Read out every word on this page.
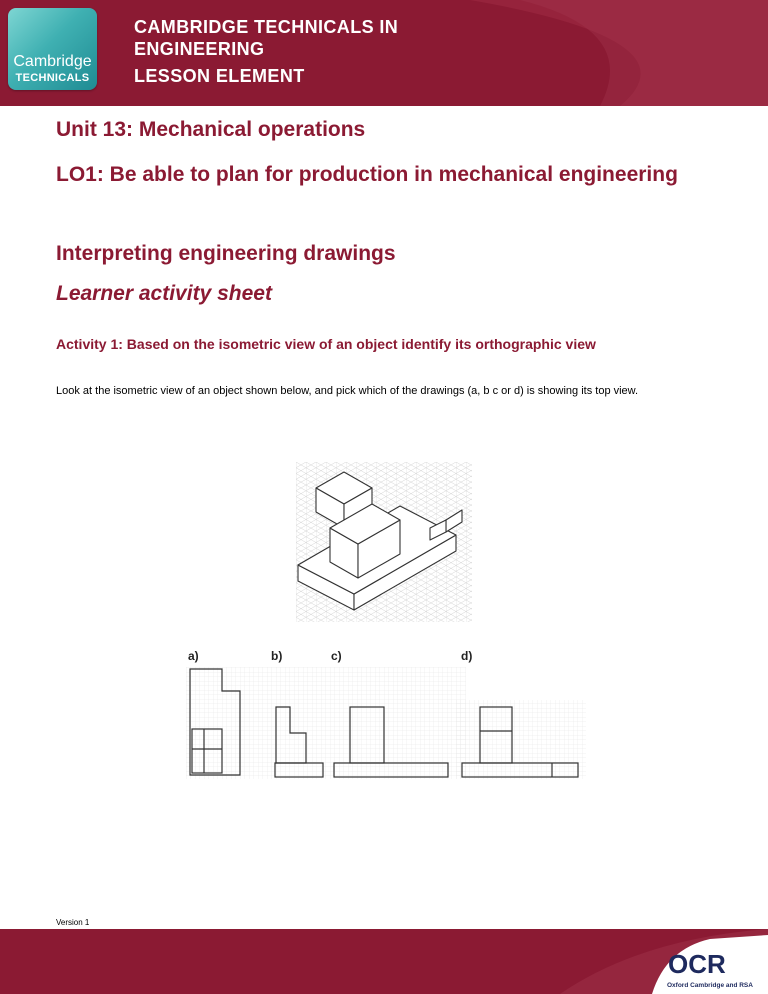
Cambridge
TECHNICALS
CAMBRIDGE TECHNICALS IN ENGINEERING
LESSON ELEMENT
Unit 13: Mechanical operations
LO1: Be able to plan for production in mechanical engineering
Interpreting engineering drawings
Learner activity sheet
Activity 1: Based on the isometric view of an object identify its orthographic view
Look at the isometric view of an object shown below, and pick which of the drawings (a, b c or d) is showing its top view.
a)	b)	c)	d)
Version 1
OCR
Oxford Cambridge and RSA
